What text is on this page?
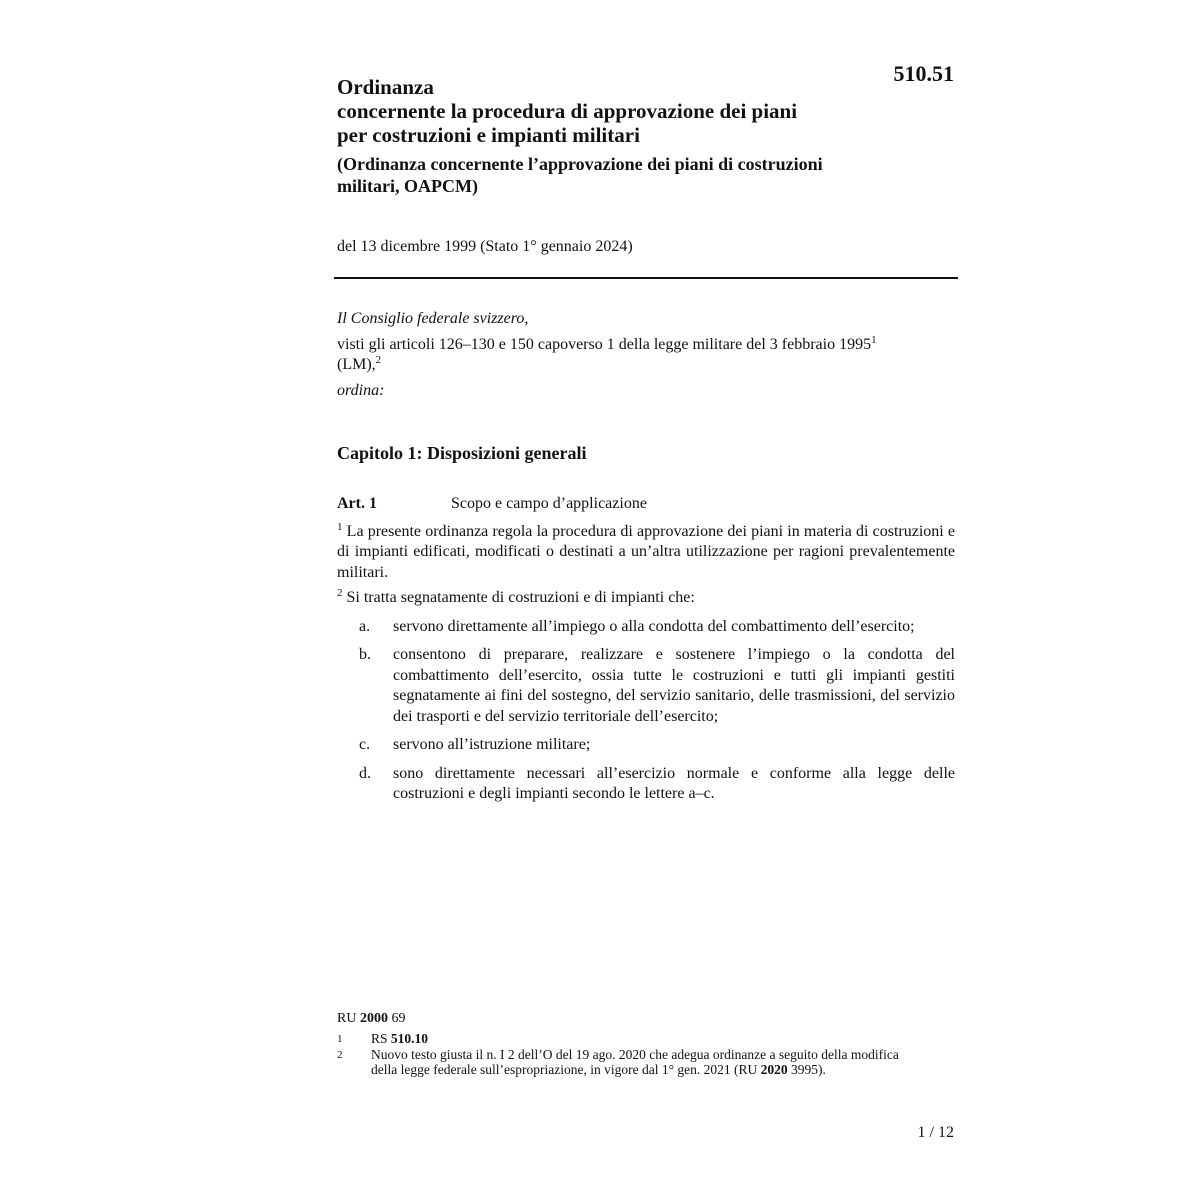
510.51

Ordinanza
concernente la procedura di approvazione dei piani
per costruzioni e impianti militari
(Ordinanza concernente l’approvazione dei piani di costruzioni
militari, OAPCM)

del 13 dicembre 1999 (Stato 1° gennaio 2024)

Il Consiglio federale svizzero,

visti gli articoli 126–130 e 150 capoverso 1 della legge militare del 3 febbraio 1995$^1$
(LM),$^2$

ordina:

Capitolo 1: Disposizioni generali

Art. 1	Scopo e campo d’applicazione

$^1$ La presente ordinanza regola la procedura di approvazione dei piani in materia di costruzioni e di impianti edificati, modificati o destinati a un’altra utilizzazione per ragioni prevalentemente militari.

$^2$ Si tratta segnatamente di costruzioni e di impianti che:

a.	servono direttamente all’impiego o alla condotta del combattimento dell’esercito;
b.	consentono di preparare, realizzare e sostenere l’impiego o la condotta del combattimento dell’esercito, ossia tutte le costruzioni e tutti gli impianti gestiti segnatamente ai fini del sostegno, del servizio sanitario, delle trasmissioni, del servizio dei trasporti e del servizio territoriale dell’esercito;
c.	servono all’istruzione militare;
d.	sono direttamente necessari all’esercizio normale e conforme alla legge delle costruzioni e degli impianti secondo le lettere a–c.

RU 2000 69

1	RS 510.10
2	Nuovo testo giusta il n. I 2 dell’O del 19 ago. 2020 che adegua ordinanze a seguito della modifica della legge federale sull’espropriazione, in vigore dal 1° gen. 2021 (RU 2020 3995).

1 / 12
